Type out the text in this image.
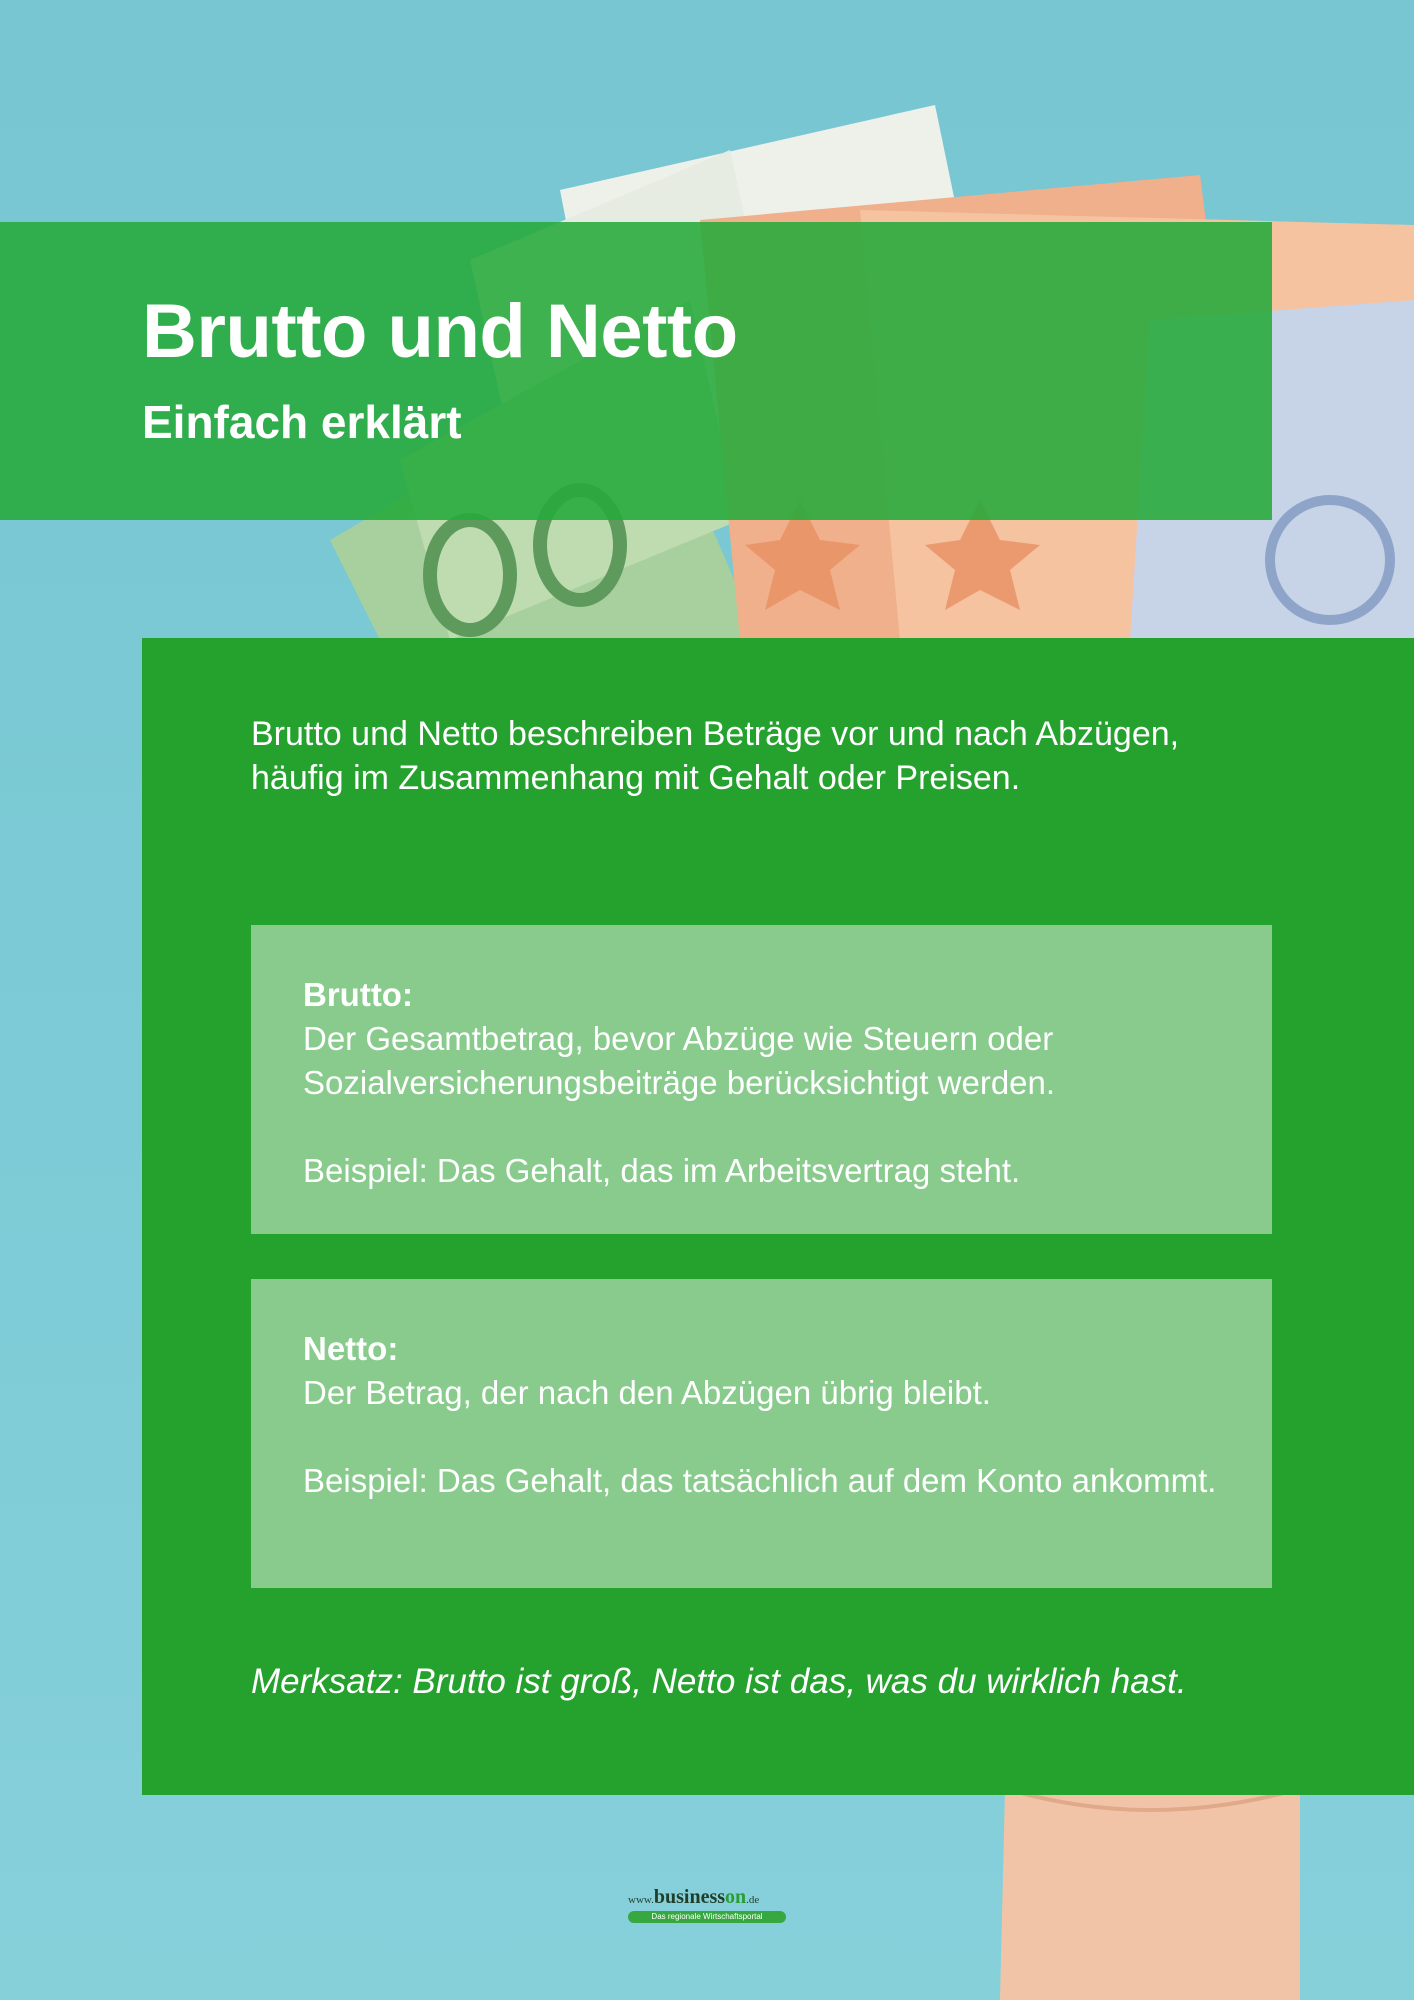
Brutto und Netto
Einfach erklärt

Brutto und Netto beschreiben Beträge vor und nach Abzügen, häufig im Zusammenhang mit Gehalt oder Preisen.

Brutto:

Der Gesamtbetrag, bevor Abzüge wie Steuern oder Sozialversicherungsbeiträge berücksichtigt werden.

Beispiel: Das Gehalt, das im Arbeitsvertrag steht.

Netto:

Der Betrag, der nach den Abzügen übrig bleibt.

Beispiel: Das Gehalt, das tatsächlich auf dem Konto ankommt.

Merksatz: Brutto ist groß, Netto ist das, was du wirklich hast.

www.businesson.de
Das regionale Wirtschaftsportal
